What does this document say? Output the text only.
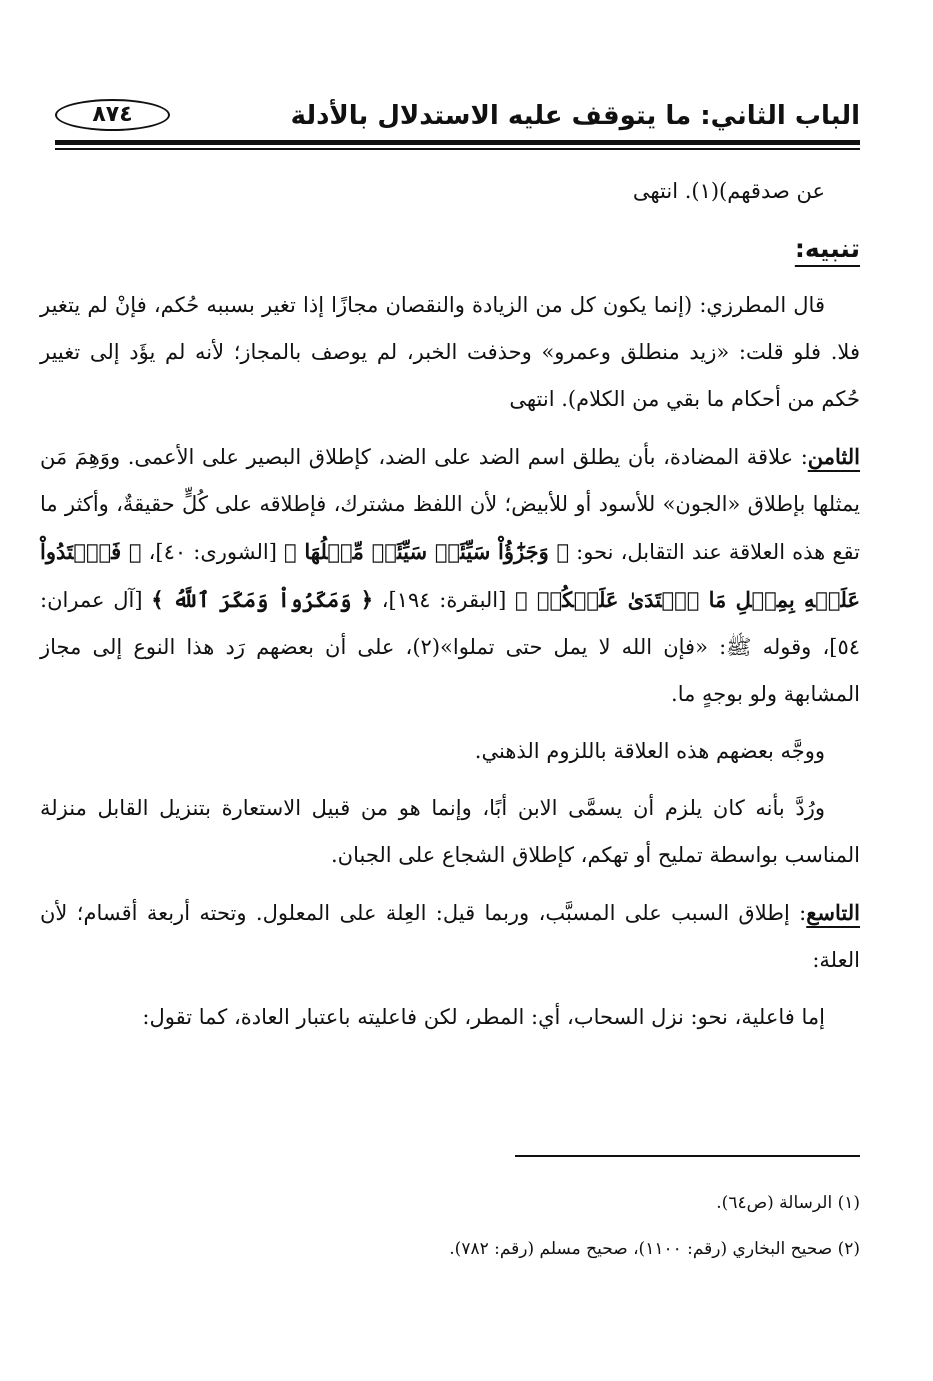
الباب الثاني: ما يتوقف عليه الاستدلال بالأدلة
٨٧٤

عن صدقهم)(١). انتهى

تنبيه:

قال المطرزي: (إنما يكون كل من الزيادة والنقصان مجازًا إذا تغير بسببه حُكم، فإنْ لم يتغير فلا. فلو قلت: «زيد منطلق وعمرو» وحذفت الخبر، لم يوصف بالمجاز؛ لأنه لم يؤَد إلى تغيير حُكم من أحكام ما بقي من الكلام). انتهى

الثامن: علاقة المضادة، بأن يطلق اسم الضد على الضد، كإطلاق البصير على الأعمى. ووَهِمَ مَن يمثلها بإطلاق «الجون» للأسود أو للأبيض؛ لأن اللفظ مشترك، فإطلاقه على كُلٍّ حقيقةٌ، وأكثر ما تقع هذه العلاقة عند التقابل، نحو: ﴿ وَجَزَٰٓؤُاْ سَيِّئَةٖ سَيِّئَةٞ مِّثۡلُهَا ﴾ [الشورى: ٤٠]، ﴿ فَٱعۡتَدُواْ عَلَيۡهِ بِمِثۡلِ مَا ٱعۡتَدَىٰ عَلَيۡكُمۡ ﴾ [البقرة: ١٩٤]، ﴿ وَمَكَرُواْ وَمَكَرَ ٱللَّهُ ﴾ [آل عمران: ٥٤]، وقوله ﷺ: «فإن الله لا يمل حتى تملوا»(٢)، على أن بعضهم رَد هذا النوع إلى مجاز المشابهة ولو بوجهٍ ما.

ووجَّه بعضهم هذه العلاقة باللزوم الذهني.

ورُدَّ بأنه كان يلزم أن يسمَّى الابن أبًا، وإنما هو من قبيل الاستعارة بتنزيل القابل منزلة المناسب بواسطة تمليح أو تهكم، كإطلاق الشجاع على الجبان.

التاسع: إطلاق السبب على المسبَّب، وربما قيل: العِلة على المعلول. وتحته أربعة أقسام؛ لأن العلة:

إما فاعلية، نحو: نزل السحاب، أي: المطر، لكن فاعليته باعتبار العادة، كما تقول:

(١) الرسالة (ص٦٤).
(٢) صحيح البخاري (رقم: ١١٠٠)، صحيح مسلم (رقم: ٧٨٢).
